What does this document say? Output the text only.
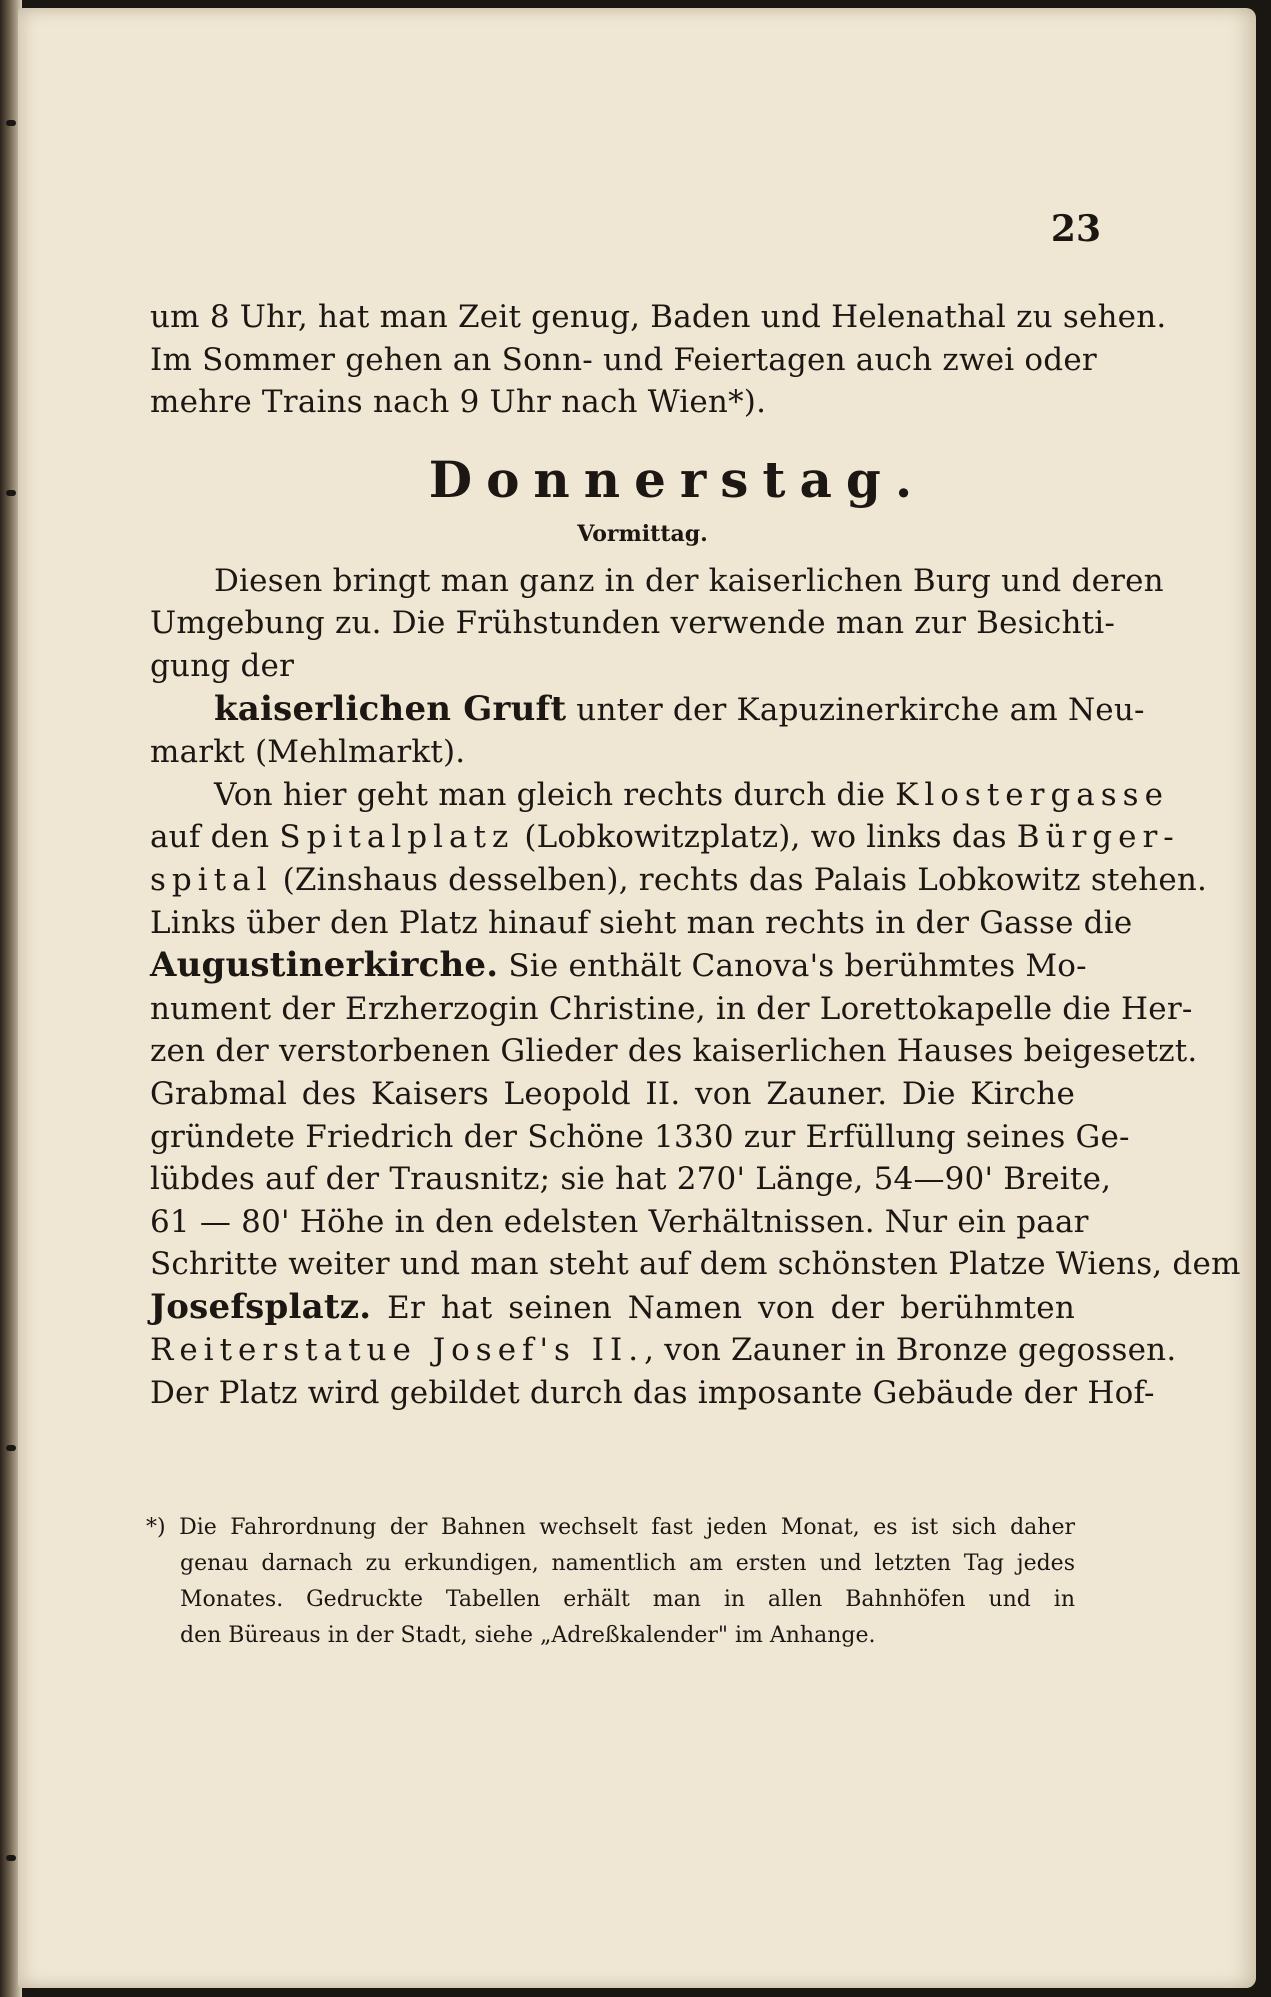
23
um 8 Uhr, hat man Zeit genug, Baden und Helenathal zu sehen.
Im Sommer gehen an Sonn- und Feiertagen auch zwei oder
mehre Trains nach 9 Uhr nach Wien*).
Donnerstag.
Vormittag.
Diesen bringt man ganz in der kaiserlichen Burg und deren
Umgebung zu. Die Frühstunden verwende man zur Besichti-
gung der
kaiserlichen Gruft unter der Kapuzinerkirche am Neu-
markt (Mehlmarkt).
Von hier geht man gleich rechts durch die Klostergasse
auf den Spitalplatz (Lobkowitzplatz), wo links das Bürger-
spital (Zinshaus desselben), rechts das Palais Lobkowitz stehen.
Links über den Platz hinauf sieht man rechts in der Gasse die
Augustinerkirche. Sie enthält Canova's berühmtes Mo-
nument der Erzherzogin Christine, in der Lorettokapelle die Her-
zen der verstorbenen Glieder des kaiserlichen Hauses beigesetzt.
Grabmal des Kaisers Leopold II. von Zauner. Die Kirche
gründete Friedrich der Schöne 1330 zur Erfüllung seines Ge-
lübdes auf der Trausnitz; sie hat 270' Länge, 54—90' Breite,
61 — 80' Höhe in den edelsten Verhältnissen. Nur ein paar
Schritte weiter und man steht auf dem schönsten Platze Wiens, dem
Josefsplatz. Er hat seinen Namen von der berühmten
Reiterstatue Josef's II., von Zauner in Bronze gegossen.
Der Platz wird gebildet durch das imposante Gebäude der Hof-
*) Die Fahrordnung der Bahnen wechselt fast jeden Monat, es ist sich daher
genau darnach zu erkundigen, namentlich am ersten und letzten Tag jedes
Monates. Gedruckte Tabellen erhält man in allen Bahnhöfen und in
den Büreaus in der Stadt, siehe „Adreßkalender" im Anhange.
